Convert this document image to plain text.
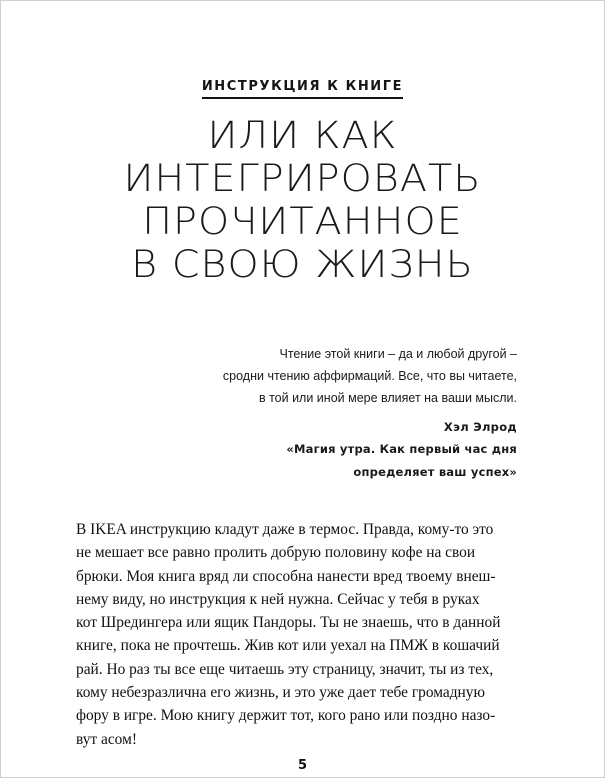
ИНСТРУКЦИЯ К КНИГЕ
ИЛИ КАК
ИНТЕГРИРОВАТЬ
ПРОЧИТАННОЕ
В СВОЮ ЖИЗНЬ
Чтение этой книги – да и любой другой –
сродни чтению аффирмаций. Все, что вы читаете,
в той или иной мере влияет на ваши мысли.
Хэл Элрод
«Магия утра. Как первый час дня
определяет ваш успех»
В IKEA инструкцию кладут даже в термос. Правда, кому-то это
не мешает все равно пролить добрую половину кофе на свои
брюки. Моя книга вряд ли способна нанести вред твоему внеш-
нему виду, но инструкция к ней нужна. Сейчас у тебя в руках
кот Шредингера или ящик Пандоры. Ты не знаешь, что в данной
книге, пока не прочтешь. Жив кот или уехал на ПМЖ в кошачий
рай. Но раз ты все еще читаешь эту страницу, значит, ты из тех,
кому небезразлична его жизнь, и это уже дает тебе громадную
фору в игре. Мою книгу держит тот, кого рано или поздно назо-
вут асом!
5
